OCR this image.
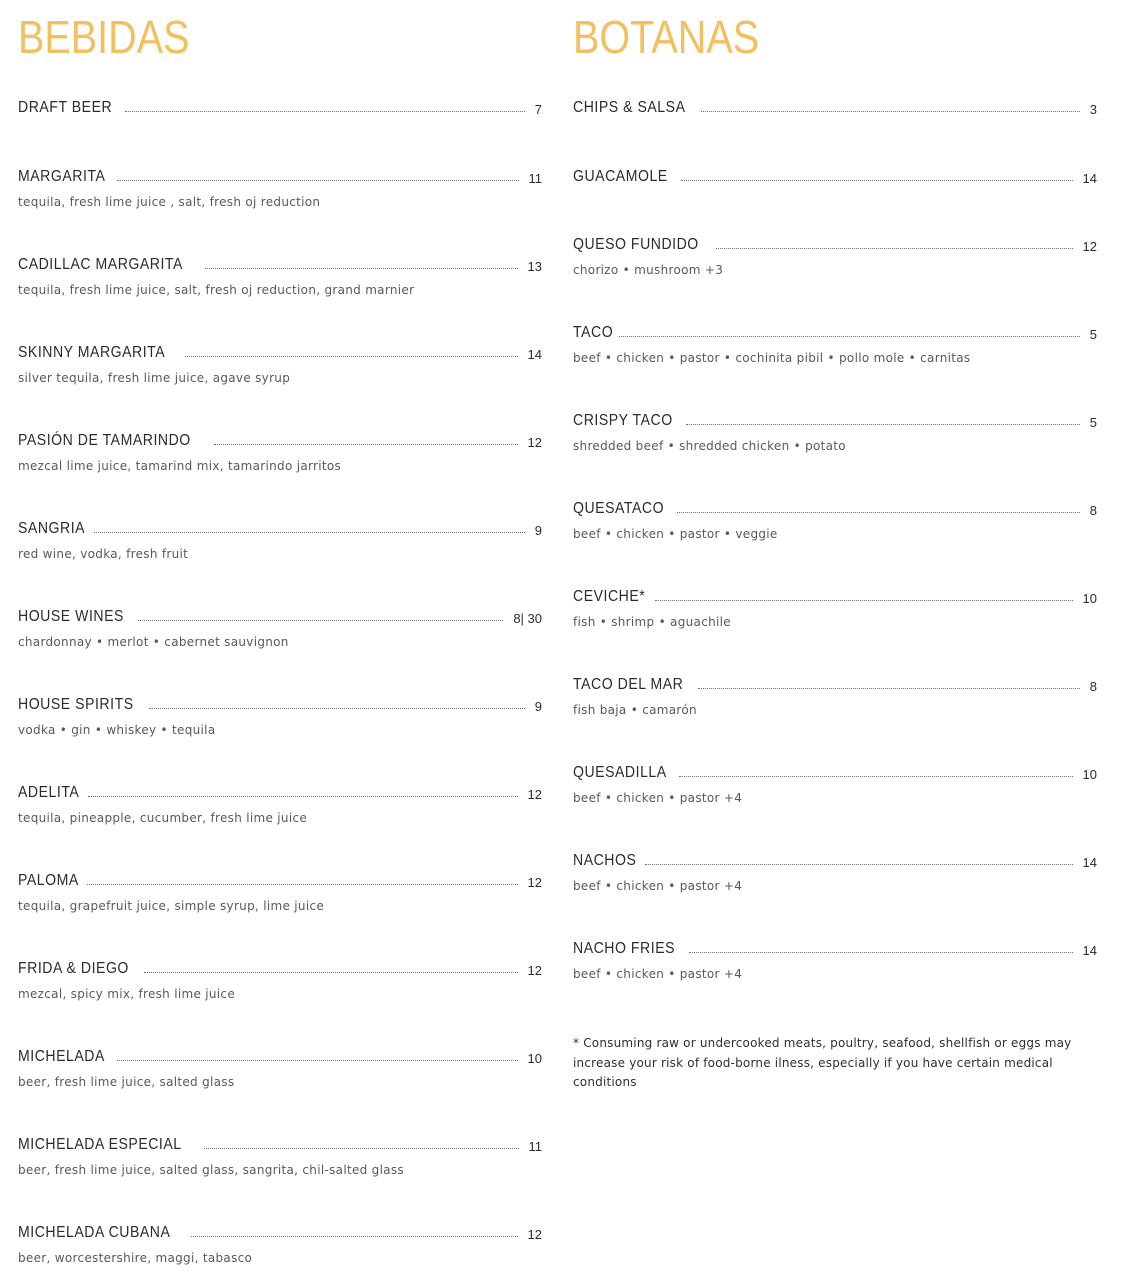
BEBIDAS
DRAFT BEER	7
MARGARITA	11
tequila, fresh lime juice , salt, fresh oj reduction
CADILLAC MARGARITA	13
tequila, fresh lime juice, salt, fresh oj reduction, grand marnier
SKINNY MARGARITA	14
silver tequila, fresh lime juice, agave syrup
PASIÓN DE TAMARINDO	12
mezcal lime juice, tamarind mix, tamarindo jarritos
SANGRIA	9
red wine, vodka, fresh fruit
HOUSE WINES	8| 30
chardonnay • merlot • cabernet sauvignon
HOUSE SPIRITS	9
vodka • gin • whiskey • tequila
ADELITA	12
tequila, pineapple, cucumber, fresh lime juice
PALOMA	12
tequila, grapefruit juice, simple syrup, lime juice
FRIDA & DIEGO	12
mezcal, spicy mix, fresh lime juice
MICHELADA	10
beer, fresh lime juice, salted glass
MICHELADA ESPECIAL	11
beer, fresh lime juice, salted glass, sangrita, chil-salted glass
MICHELADA CUBANA	12
beer, worcestershire, maggi, tabasco
BOTANAS
CHIPS & SALSA	3
GUACAMOLE	14
QUESO FUNDIDO	12
chorizo • mushroom +3
TACO	5
beef • chicken • pastor • cochinita pibil • pollo mole • carnitas
CRISPY TACO	5
shredded beef • shredded chicken • potato
QUESATACO	8
beef • chicken • pastor • veggie
CEVICHE*	10
fish • shrimp • aguachile
TACO DEL MAR	8
fish baja • camarón
QUESADILLA	10
beef • chicken • pastor +4
NACHOS	14
beef • chicken • pastor +4
NACHO FRIES	14
beef • chicken • pastor +4

* Consuming raw or undercooked meats, poultry, seafood, shellfish or eggs may increase your risk of food-borne ilness, especially if you have certain medical conditions
